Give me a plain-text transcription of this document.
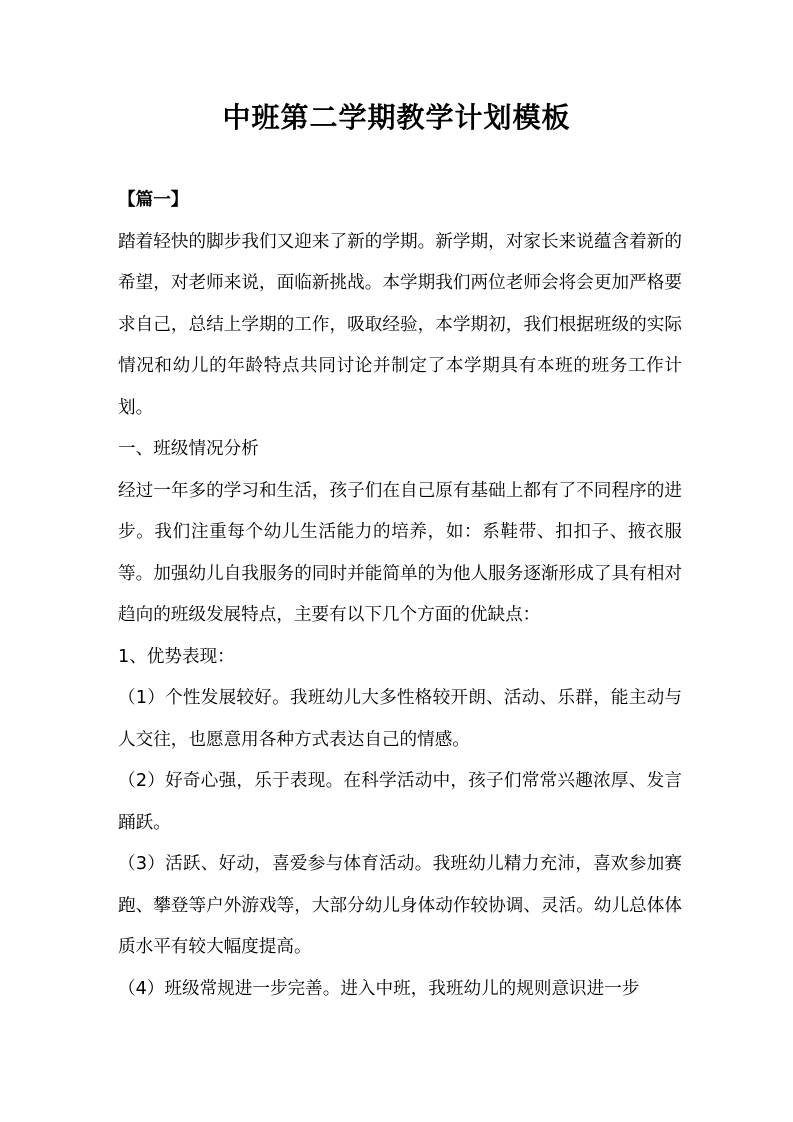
中班第二学期教学计划模板

【篇一】

踏着轻快的脚步我们又迎来了新的学期。新学期，对家长来说蕴含着新的希望，对老师来说，面临新挑战。本学期我们两位老师会将会更加严格要求自己，总结上学期的工作，吸取经验，本学期初，我们根据班级的实际情况和幼儿的年龄特点共同讨论并制定了本学期具有本班的班务工作计划。

一、班级情况分析

经过一年多的学习和生活，孩子们在自己原有基础上都有了不同程序的进步。我们注重每个幼儿生活能力的培养，如：系鞋带、扣扣子、掖衣服等。加强幼儿自我服务的同时并能简单的为他人服务逐渐形成了具有相对趋向的班级发展特点，主要有以下几个方面的优缺点：

1、优势表现：

（1）个性发展较好。我班幼儿大多性格较开朗、活动、乐群，能主动与人交往，也愿意用各种方式表达自己的情感。

（2）好奇心强，乐于表现。在科学活动中，孩子们常常兴趣浓厚、发言踊跃。

（3）活跃、好动，喜爱参与体育活动。我班幼儿精力充沛，喜欢参加赛跑、攀登等户外游戏等，大部分幼儿身体动作较协调、灵活。幼儿总体体质水平有较大幅度提高。

（4）班级常规进一步完善。进入中班，我班幼儿的规则意识进一步
